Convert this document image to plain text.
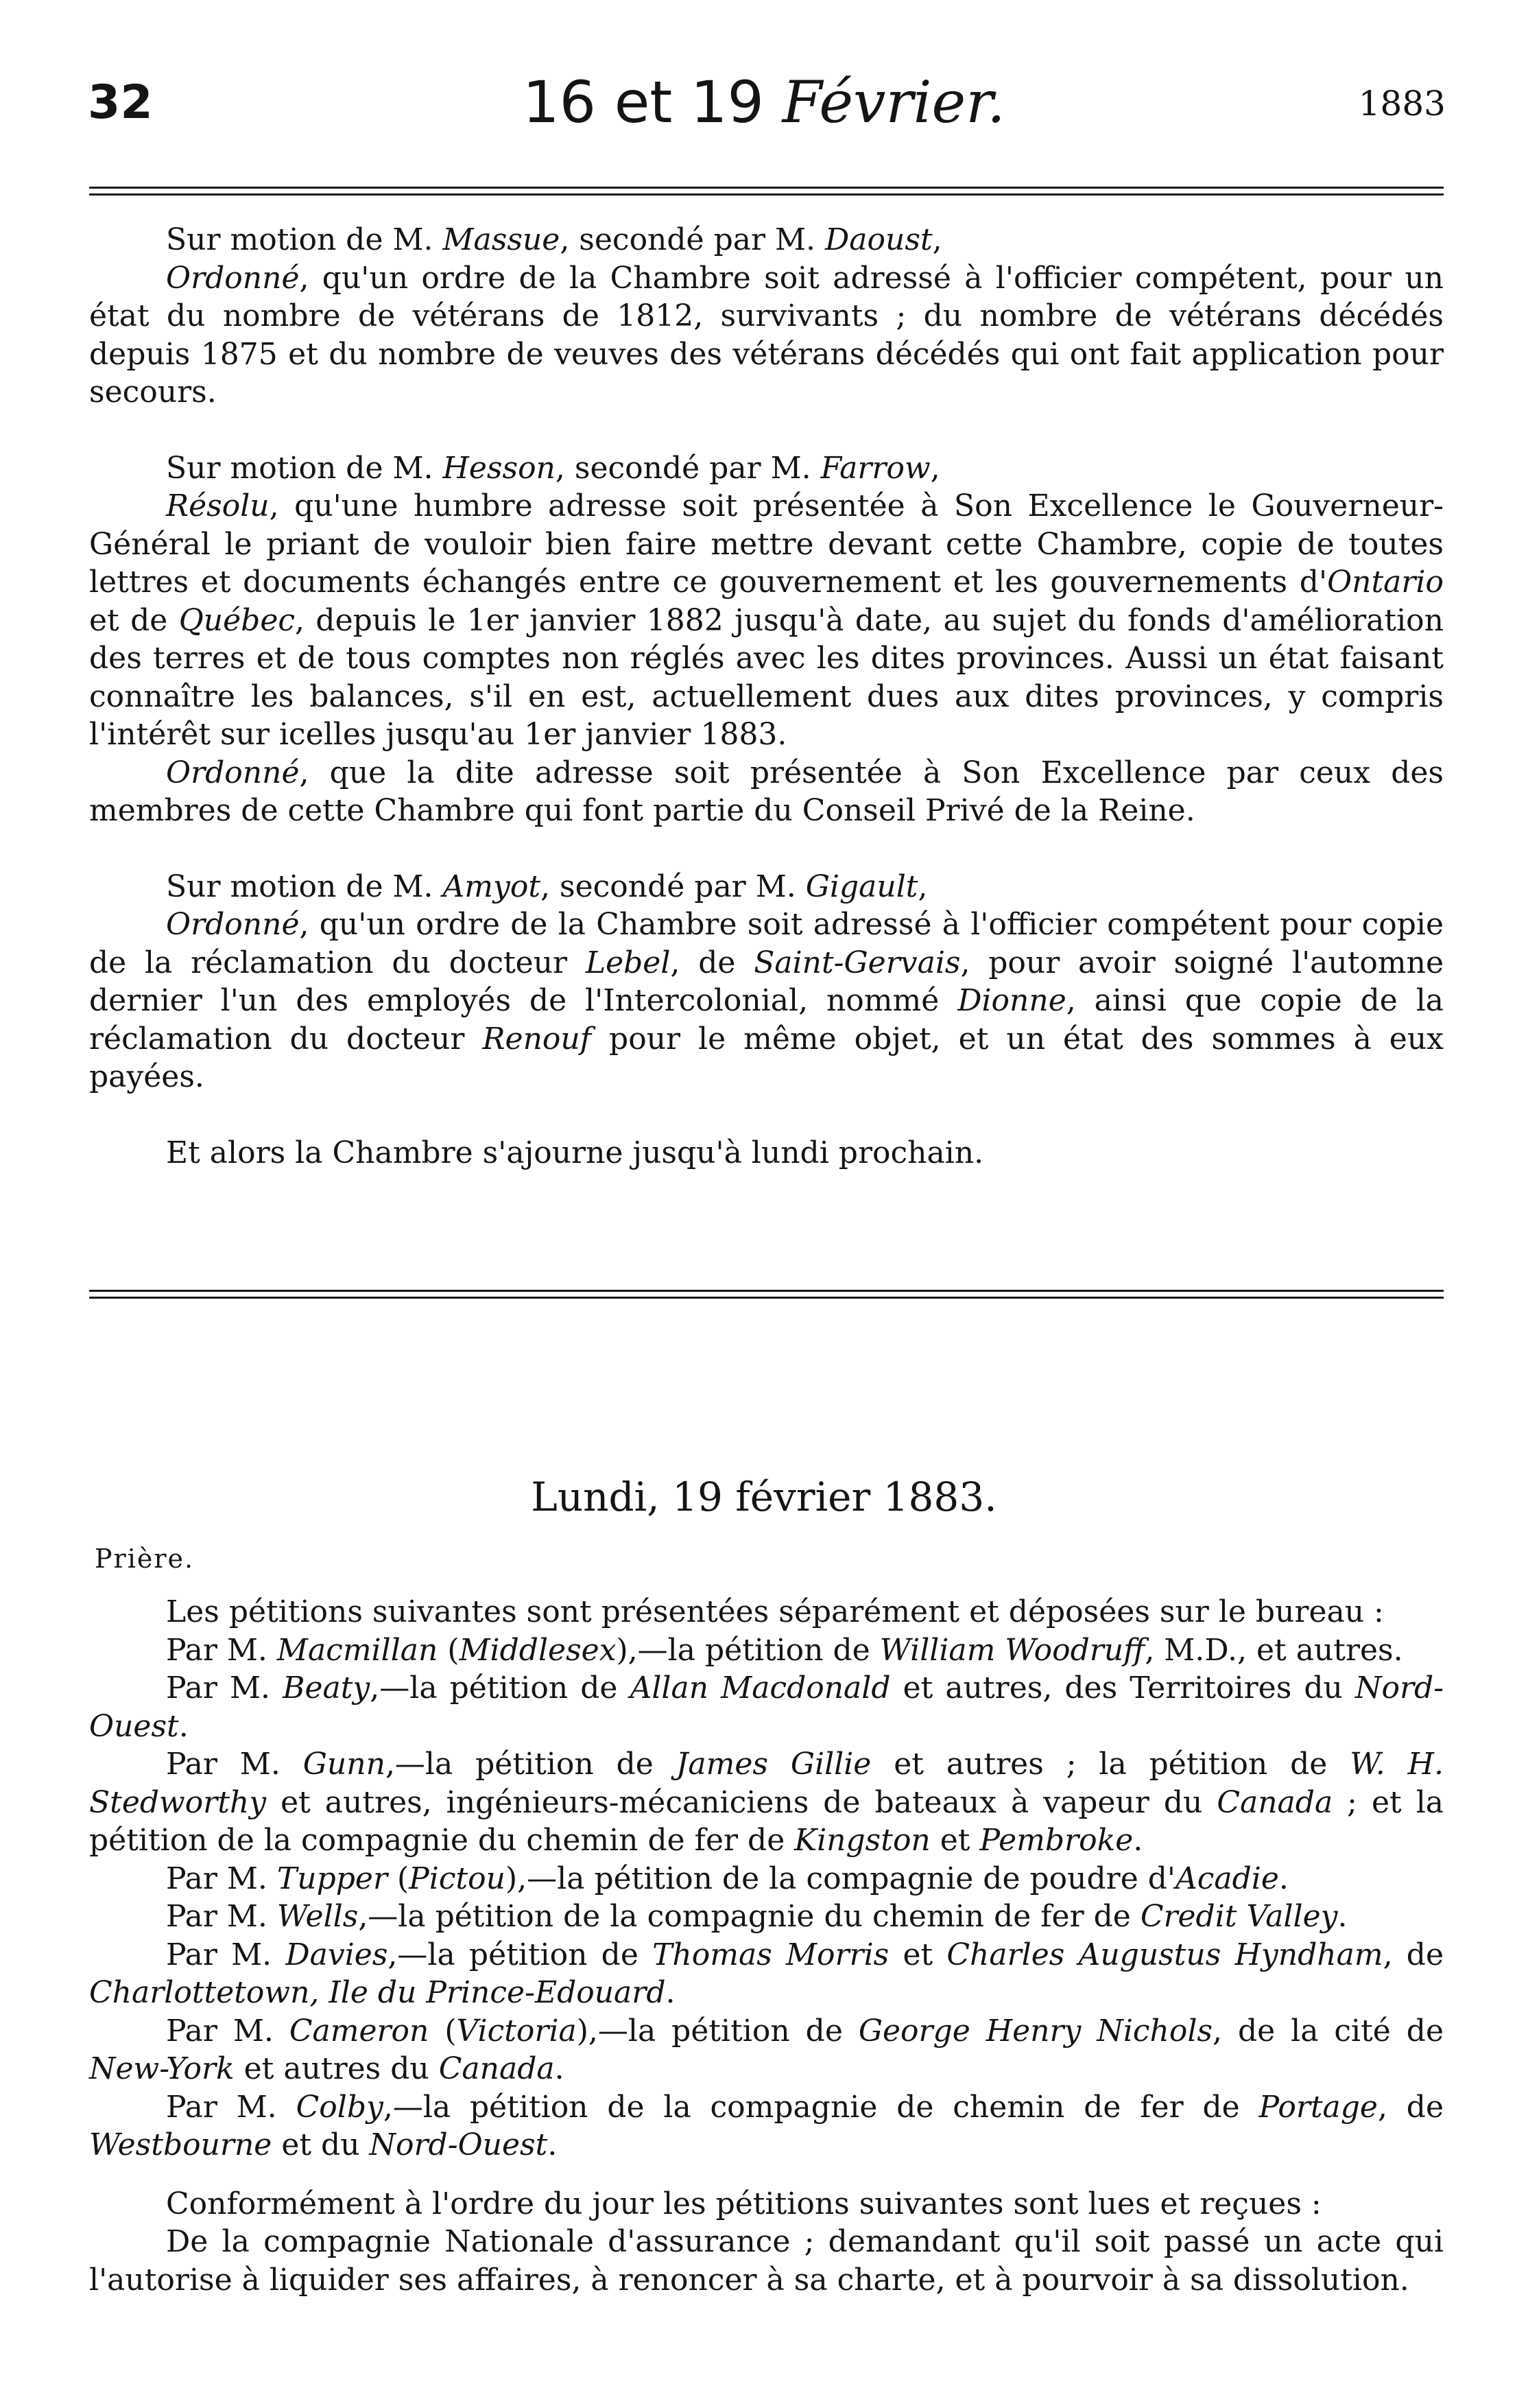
32	16 et 19 Février.	1883

Sur motion de M. Massue, secondé par M. Daoust,

Ordonné, qu'un ordre de la Chambre soit adressé à l'officier compétent, pour un état du nombre de vétérans de 1812, survivants ; du nombre de vétérans décédés depuis 1875 et du nombre de veuves des vétérans décédés qui ont fait application pour secours.

Sur motion de M. Hesson, secondé par M. Farrow,

Résolu, qu'une humbre adresse soit présentée à Son Excellence le Gouverneur-Général le priant de vouloir bien faire mettre devant cette Chambre, copie de toutes lettres et documents échangés entre ce gouvernement et les gouvernements d'Ontario et de Québec, depuis le 1er janvier 1882 jusqu'à date, au sujet du fonds d'amélioration des terres et de tous comptes non réglés avec les dites provinces. Aussi un état faisant connaître les balances, s'il en est, actuellement dues aux dites provinces, y compris l'intérêt sur icelles jusqu'au 1er janvier 1883.

Ordonné, que la dite adresse soit présentée à Son Excellence par ceux des membres de cette Chambre qui font partie du Conseil Privé de la Reine.

Sur motion de M. Amyot, secondé par M. Gigault,

Ordonné, qu'un ordre de la Chambre soit adressé à l'officier compétent pour copie de la réclamation du docteur Lebel, de Saint-Gervais, pour avoir soigné l'automne dernier l'un des employés de l'Intercolonial, nommé Dionne, ainsi que copie de la réclamation du docteur Renouf pour le même objet, et un état des sommes à eux payées.

Et alors la Chambre s'ajourne jusqu'à lundi prochain.

Lundi, 19 février 1883.
Prière.

Les pétitions suivantes sont présentées séparément et déposées sur le bureau :

Par M. Macmillan (Middlesex),—la pétition de William Woodruff, M.D., et autres.

Par M. Beaty,—la pétition de Allan Macdonald et autres, des Territoires du Nord-Ouest.

Par M. Gunn,—la pétition de James Gillie et autres ; la pétition de W. H. Stedworthy et autres, ingénieurs-mécaniciens de bateaux à vapeur du Canada ; et la pétition de la compagnie du chemin de fer de Kingston et Pembroke.

Par M. Tupper (Pictou),—la pétition de la compagnie de poudre d'Acadie.

Par M. Wells,—la pétition de la compagnie du chemin de fer de Credit Valley.

Par M. Davies,—la pétition de Thomas Morris et Charles Augustus Hyndham, de Charlottetown, Ile du Prince-Edouard.

Par M. Cameron (Victoria),—la pétition de George Henry Nichols, de la cité de New-York et autres du Canada.

Par M. Colby,—la pétition de la compagnie de chemin de fer de Portage, de Westbourne et du Nord-Ouest.

Conformément à l'ordre du jour les pétitions suivantes sont lues et reçues :

De la compagnie Nationale d'assurance ; demandant qu'il soit passé un acte qui l'autorise à liquider ses affaires, à renoncer à sa charte, et à pourvoir à sa dissolution.
